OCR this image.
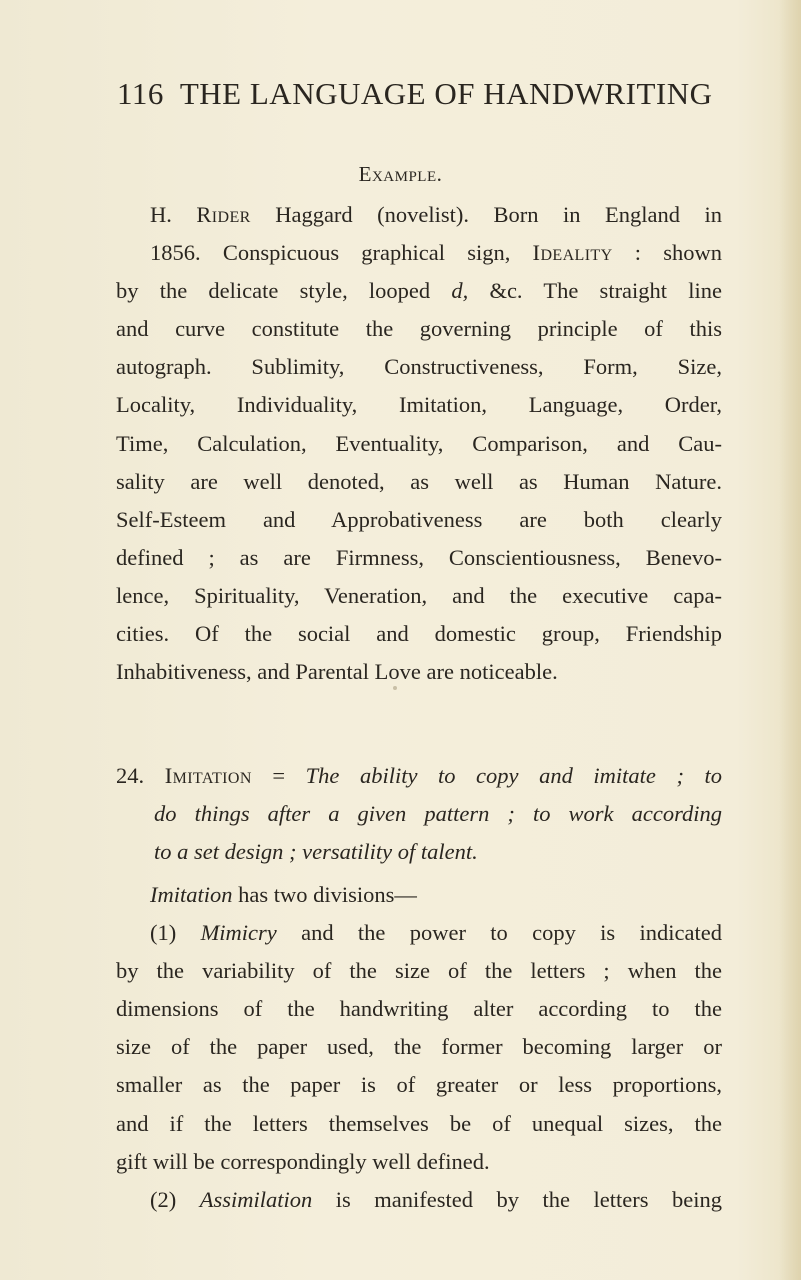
116 THE LANGUAGE OF HANDWRITING
Example.
H. Rider Haggard (novelist). Born in England in
1856. Conspicuous graphical sign, Ideality : shown
by the delicate style, looped d, &c. The straight line
and curve constitute the governing principle of this
autograph. Sublimity, Constructiveness, Form, Size,
Locality, Individuality, Imitation, Language, Order,
Time, Calculation, Eventuality, Comparison, and Cau-
sality are well denoted, as well as Human Nature.
Self-Esteem and Approbativeness are both clearly
defined ; as are Firmness, Conscientiousness, Benevo-
lence, Spirituality, Veneration, and the executive capa-
cities. Of the social and domestic group, Friendship
Inhabitiveness, and Parental Love are noticeable.
24. Imitation = The ability to copy and imitate ; to
do things after a given pattern ; to work according
to a set design ; versatility of talent.
Imitation has two divisions—
(1) Mimicry and the power to copy is indicated
by the variability of the size of the letters ; when the
dimensions of the handwriting alter according to the
size of the paper used, the former becoming larger or
smaller as the paper is of greater or less proportions,
and if the letters themselves be of unequal sizes, the
gift will be correspondingly well defined.
(2) Assimilation is manifested by the letters being
